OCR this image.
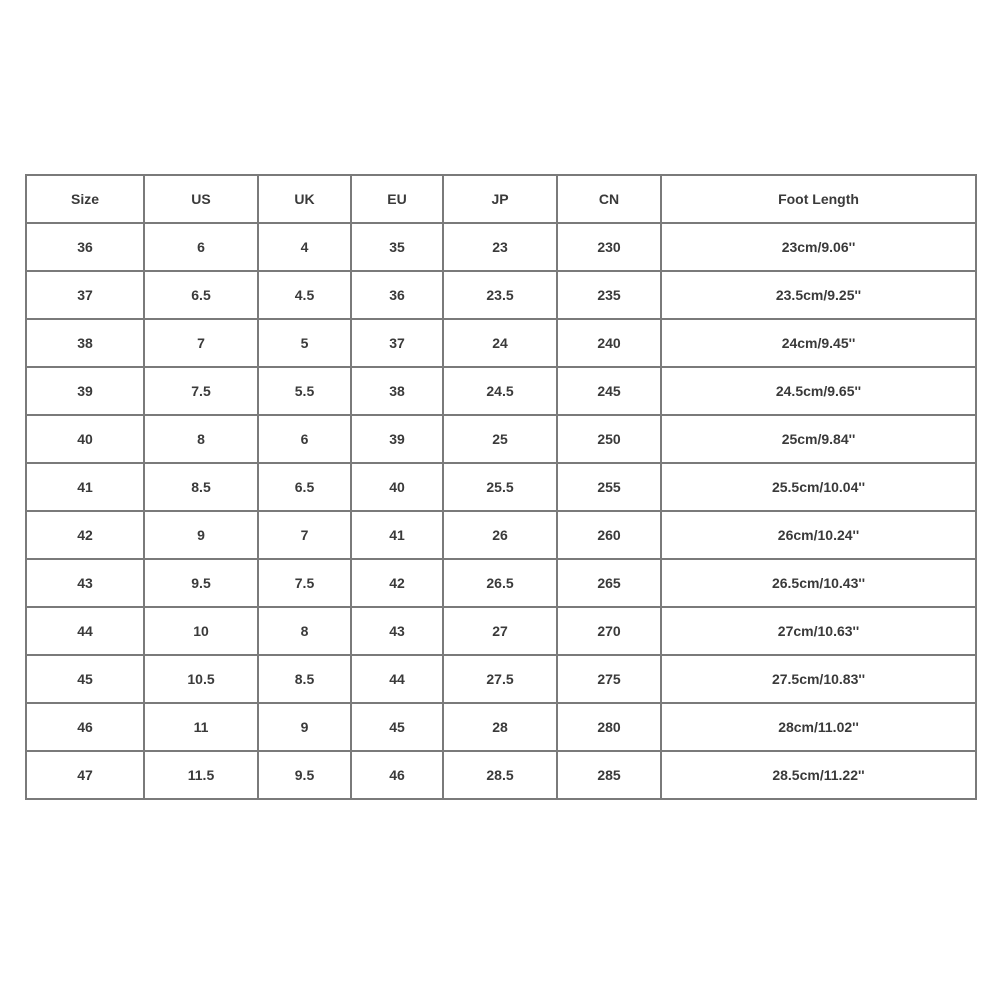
Size	US	UK	EU	JP	CN	Foot Length
36	6	4	35	23	230	23cm/9.06''
37	6.5	4.5	36	23.5	235	23.5cm/9.25''
38	7	5	37	24	240	24cm/9.45''
39	7.5	5.5	38	24.5	245	24.5cm/9.65''
40	8	6	39	25	250	25cm/9.84''
41	8.5	6.5	40	25.5	255	25.5cm/10.04''
42	9	7	41	26	260	26cm/10.24''
43	9.5	7.5	42	26.5	265	26.5cm/10.43''
44	10	8	43	27	270	27cm/10.63''
45	10.5	8.5	44	27.5	275	27.5cm/10.83''
46	11	9	45	28	280	28cm/11.02''
47	11.5	9.5	46	28.5	285	28.5cm/11.22''
